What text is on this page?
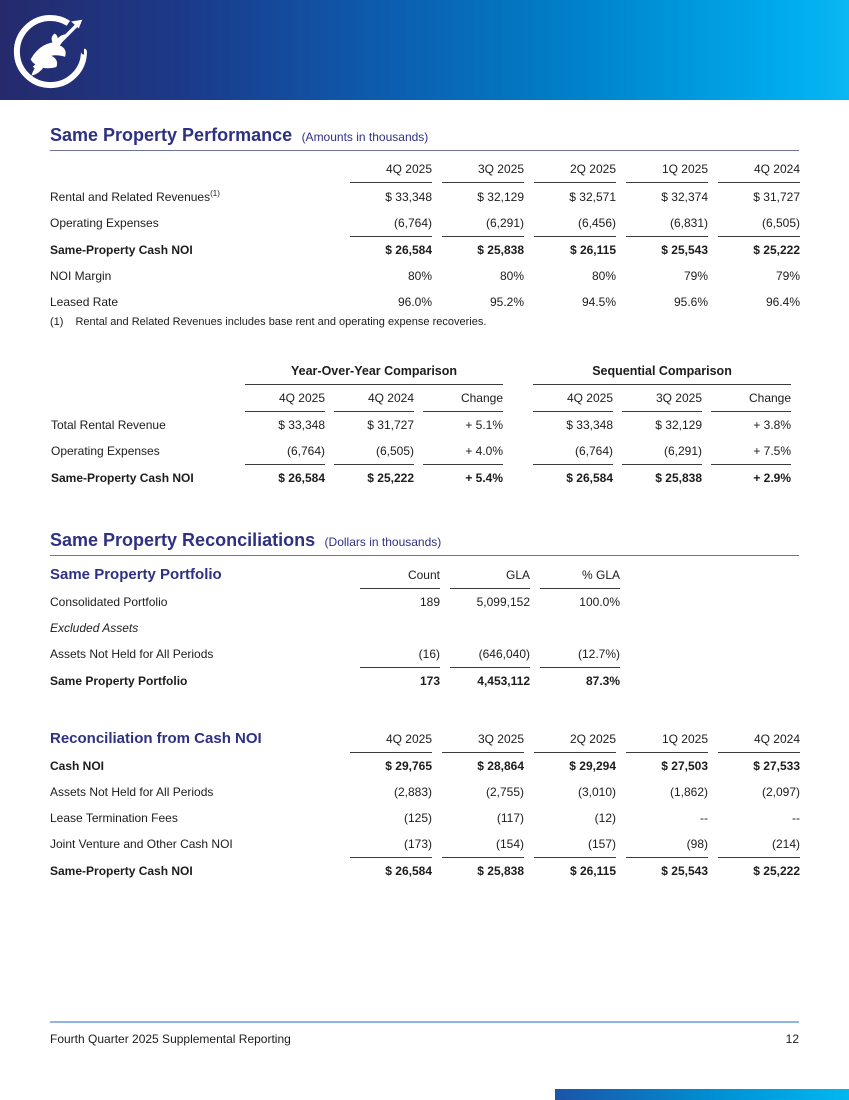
Same Property Performance (Amounts in thousands)
	4Q 2025	3Q 2025	2Q 2025	1Q 2025	4Q 2024
Rental and Related Revenues$^{(1)}$	$ 33,348	$ 32,129	$ 32,571	$ 32,374	$ 31,727
Operating Expenses	(6,764)	(6,291)	(6,456)	(6,831)	(6,505)
Same-Property Cash NOI	$ 26,584	$ 25,838	$ 26,115	$ 25,543	$ 25,222
NOI Margin	80%	80%	80%	79%	79%
Leased Rate	96.0%	95.2%	94.5%	95.6%	96.4%
(1) Rental and Related Revenues includes base rent and operating expense recoveries.
	Year-Over-Year Comparison				Sequential Comparison		
	4Q 2025	4Q 2024	Change		4Q 2025	3Q 2025	Change
Total Rental Revenue	$ 33,348	$ 31,727	+ 5.1%		$ 33,348	$ 32,129	+ 3.8%
Operating Expenses	(6,764)	(6,505)	+ 4.0%		(6,764)	(6,291)	+ 7.5%
Same-Property Cash NOI	$ 26,584	$ 25,222	+ 5.4%		$ 26,584	$ 25,838	+ 2.9%
Same Property Reconciliations (Dollars in thousands)
Same Property Portfolio	Count	GLA	% GLA
Consolidated Portfolio	189	5,099,152	100.0%
Excluded Assets			
Assets Not Held for All Periods	(16)	(646,040)	(12.7%)
Same Property Portfolio	173	4,453,112	87.3%
Reconciliation from Cash NOI	4Q 2025	3Q 2025	2Q 2025	1Q 2025	4Q 2024
Cash NOI	$ 29,765	$ 28,864	$ 29,294	$ 27,503	$ 27,533
Assets Not Held for All Periods	(2,883)	(2,755)	(3,010)	(1,862)	(2,097)
Lease Termination Fees	(125)	(117)	(12)	--	--
Joint Venture and Other Cash NOI	(173)	(154)	(157)	(98)	(214)
Same-Property Cash NOI	$ 26,584	$ 25,838	$ 26,115	$ 25,543	$ 25,222
Fourth Quarter 2025 Supplemental Reporting	12
